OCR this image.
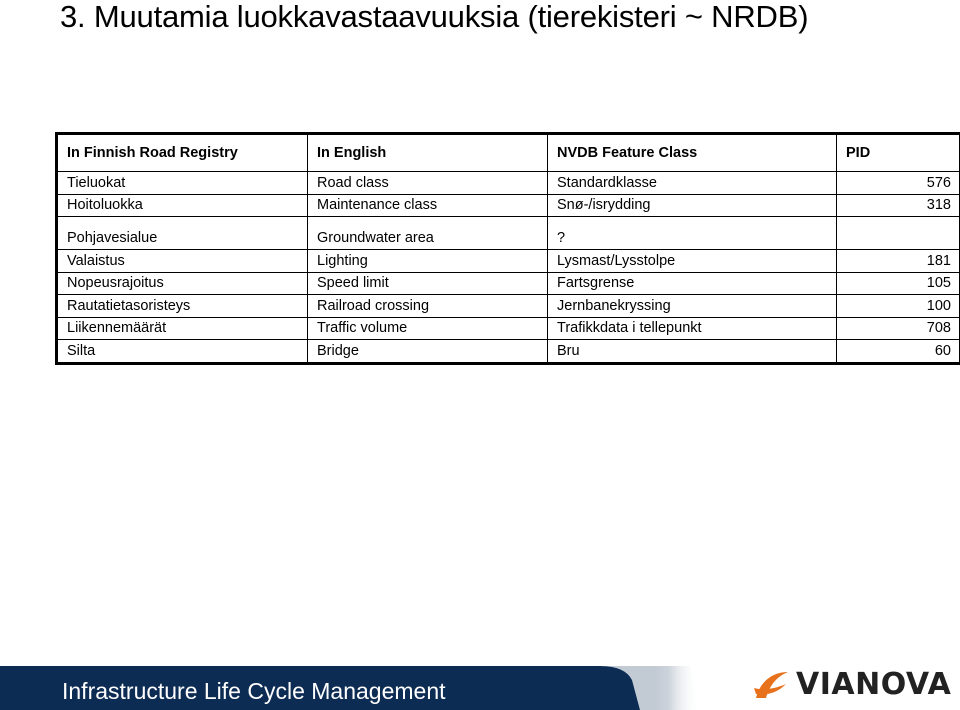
3. Muutamia luokkavastaavuuksia (tierekisteri ~ NRDB)
In Finnish Road Registry	In English	NVDB Feature Class	PID
Tieluokat	Road class	Standardklasse	576
Hoitoluokka	Maintenance class	Snø-/isrydding	318
Pohjavesialue	Groundwater area	?	
Valaistus	Lighting	Lysmast/Lysstolpe	181
Nopeusrajoitus	Speed limit	Fartsgrense	105
Rautatietasoristeys	Railroad crossing	Jernbanekryssing	100
Liikennemäärät	Traffic volume	Trafikkdata i tellepunkt	708
Silta	Bridge	Bru	60
Infrastructure Life Cycle Management	VIANOVA
